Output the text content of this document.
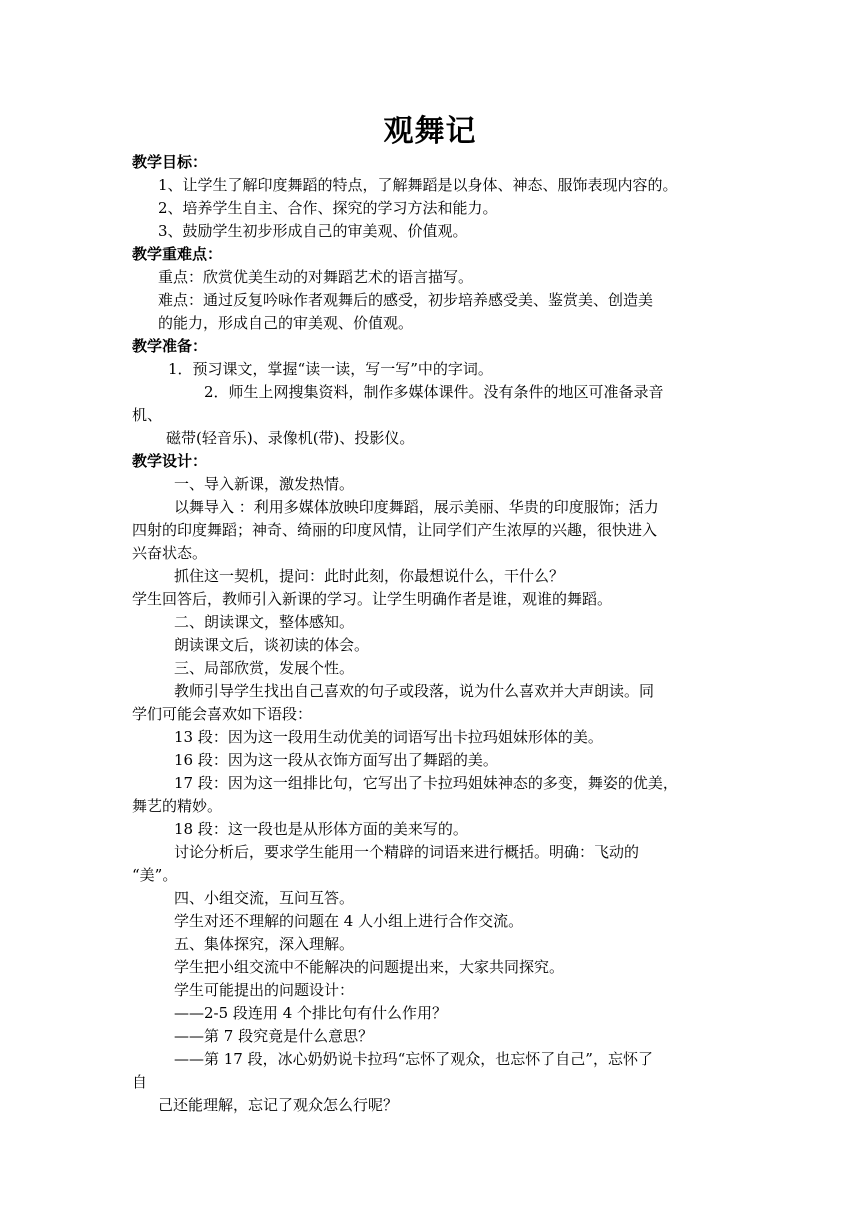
观舞记
教学目标：
1、让学生了解印度舞蹈的特点，了解舞蹈是以身体、神态、服饰表现内容的。
2、培养学生自主、合作、探究的学习方法和能力。
3、鼓励学生初步形成自己的审美观、价值观。
教学重难点：
重点：欣赏优美生动的对舞蹈艺术的语言描写。
难点：通过反复吟咏作者观舞后的感受，初步培养感受美、鉴赏美、创造美
的能力，形成自己的审美观、价值观。
教学准备：
1．预习课文，掌握“读一读，写一写”中的字词。
2．师生上网搜集资料，制作多媒体课件。没有条件的地区可准备录音
机、
磁带(轻音乐)、录像机(带)、投影仪。
教学设计：
一、导入新课，激发热情。
以舞导入 ：利用多媒体放映印度舞蹈，展示美丽、华贵的印度服饰；活力
四射的印度舞蹈；神奇、绮丽的印度风情，让同学们产生浓厚的兴趣，很快进入
兴奋状态。
抓住这一契机，提问：此时此刻，你最想说什么，干什么？
学生回答后，教师引入新课的学习。让学生明确作者是谁，观谁的舞蹈。
二、朗读课文，整体感知。
朗读课文后，谈初读的体会。
三、局部欣赏，发展个性。
教师引导学生找出自己喜欢的句子或段落，说为什么喜欢并大声朗读。同
学们可能会喜欢如下语段：
13 段：因为这一段用生动优美的词语写出卡拉玛姐妹形体的美。
16 段：因为这一段从衣饰方面写出了舞蹈的美。
17 段：因为这一组排比句，它写出了卡拉玛姐妹神态的多变，舞姿的优美，
舞艺的精妙。
18 段：这一段也是从形体方面的美来写的。
讨论分析后，要求学生能用一个精辟的词语来进行概括。明确：飞动的
“美”。
四、小组交流，互问互答。
学生对还不理解的问题在 4 人小组上进行合作交流。
五、集体探究，深入理解。
学生把小组交流中不能解决的问题提出来，大家共同探究。
学生可能提出的问题设计：
——2-5 段连用 4 个排比句有什么作用？
——第 7 段究竟是什么意思？
——第 17 段，冰心奶奶说卡拉玛“忘怀了观众，也忘怀了自己”，忘怀了
自
己还能理解，忘记了观众怎么行呢？
